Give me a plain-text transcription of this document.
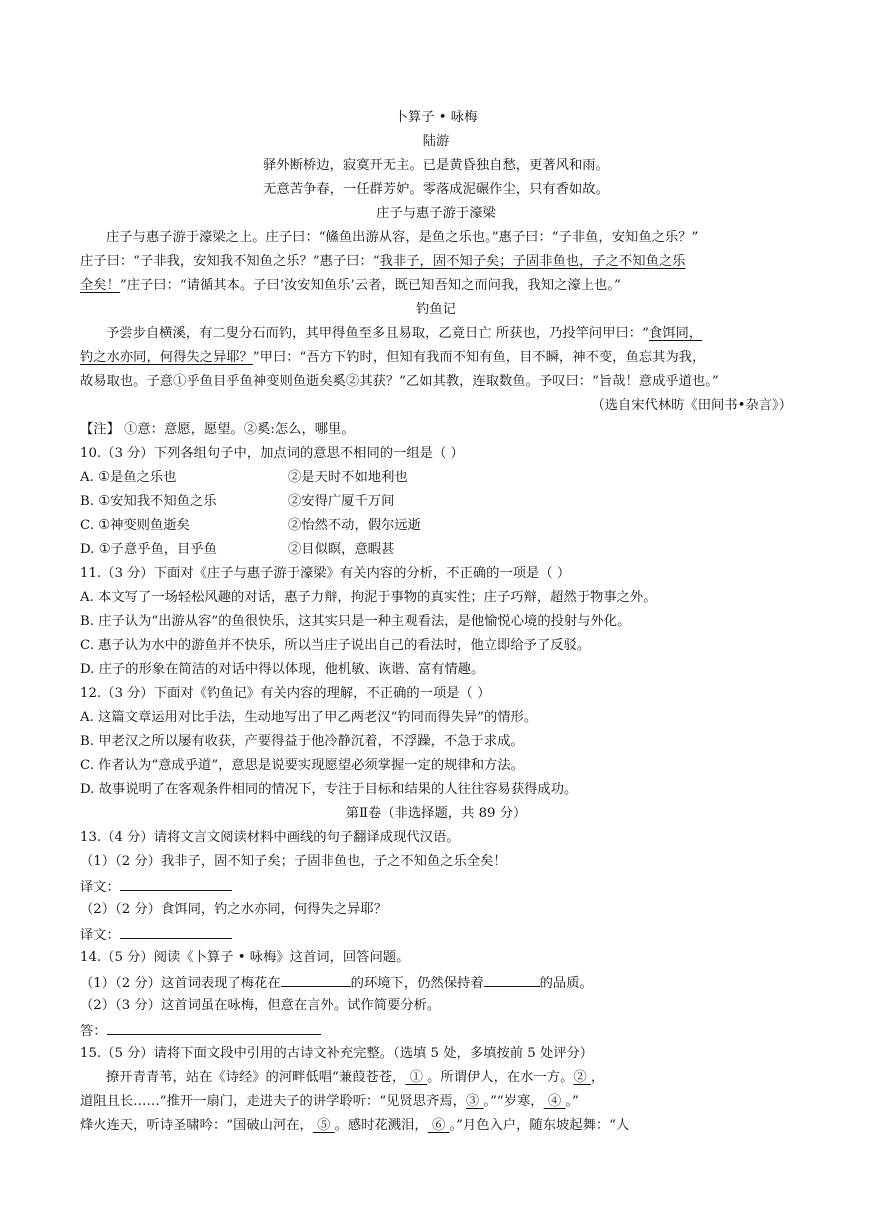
卜算子 • 咏梅
陆游
驿外断桥边，寂寞开无主。已是黄昏独自愁，更著风和雨。
无意苦争春，一任群芳妒。零落成泥碾作尘，只有香如故。
庄子与惠子游于濠梁
庄子与惠子游于濠梁之上。庄子曰：“鯈鱼出游从容，是鱼之乐也。”惠子曰：“子非鱼，安知鱼之乐？”
庄子曰：“子非我，安知我不知鱼之乐？”惠子曰：“我非子，固不知子矣；子固非鱼也，子之不知鱼之乐
全矣！”庄子曰：“请循其本。子曰‘汝安知鱼乐’云者，既已知吾知之而问我，我知之濠上也。”
钓鱼记
予尝步自横溪，有二叟分石而钓，其甲得鱼至多且易取，乙竟日亡 所获也，乃投竿问甲曰：“食饵同，
钓之水亦同，何得失之异耶？”甲曰：“吾方下钓时，但知有我而不知有鱼，目不瞬，神不变，鱼忘其为我，
故易取也。子意①乎鱼目乎鱼神变则鱼逝矣奚②其获？”乙如其教，连取数鱼。予叹曰：“旨哉！意成乎道也。”
（选自宋代林昉《田间书•杂言》）
【注】 ①意：意愿，愿望。②奚:怎么，哪里。
10.（3 分）下列各组句子中，加点词的意思不相同的一组是（ ）
A. ①是鱼之乐也	②是天时不如地利也
B. ①安知我不知鱼之乐	②安得广厦千万间
C. ①神变则鱼逝矣	②怡然不动，假尔远逝
D. ①子意乎鱼，目乎鱼	②目似瞑，意暇甚
11.（3 分）下面对《庄子与惠子游于濠梁》有关内容的分析，不正确的一项是（ ）
A. 本文写了一场轻松风趣的对话，惠子力辩，拘泥于事物的真实性；庄子巧辩，超然于物事之外。
B. 庄子认为“出游从容”的鱼很快乐，这其实只是一种主观看法，是他愉悦心境的投射与外化。
C. 惠子认为水中的游鱼并不快乐，所以当庄子说出自己的看法时，他立即给予了反驳。
D. 庄子的形象在简洁的对话中得以体现，他机敏、诙谐、富有情趣。
12.（3 分）下面对《钓鱼记》有关内容的理解，不正确的一项是（ ）
A. 这篇文章运用对比手法，生动地写出了甲乙两老汉“钓同而得失异”的情形。
B. 甲老汉之所以屡有收获，产要得益于他冷静沉着，不浮躁，不急于求成。
C. 作者认为“意成乎道”，意思是说要实现愿望必须掌握一定的规律和方法。
D. 故事说明了在客观条件相同的情况下，专注于目标和结果的人往往容易获得成功。
第Ⅱ卷（非选择题，共 89 分）
13.（4 分）请将文言文阅读材料中画线的句子翻译成现代汉语。
（1）（2 分）我非子，固不知子矣；子固非鱼也，子之不知鱼之乐全矣！
译文：
（2）（2 分）食饵同，钓之水亦同，何得失之异耶？
译文：
14.（5 分）阅读《卜算子 • 咏梅》这首词，回答问题。
（1）（2 分）这首词表现了梅花在	的环境下，仍然保持着	的品质。
（2）（3 分）这首词虽在咏梅，但意在言外。试作简要分析。
答：
15.（5 分）请将下面文段中引用的古诗文补充完整。（选填 5 处，多填按前 5 处评分）
撩开青青苇，站在《诗经》的河畔低唱“兼葭苍苍， ① 。所谓伊人，在水一方。② ，
道阻且长……”推开一扇门，走进夫子的讲学聆听：“见贤思齐焉，③ 。”“岁寒， ④ 。”
烽火连天，听诗圣啸吟：“国破山河在， ⑤ 。感时花溅泪， ⑥ 。”月色入户，随东坡起舞：“人
